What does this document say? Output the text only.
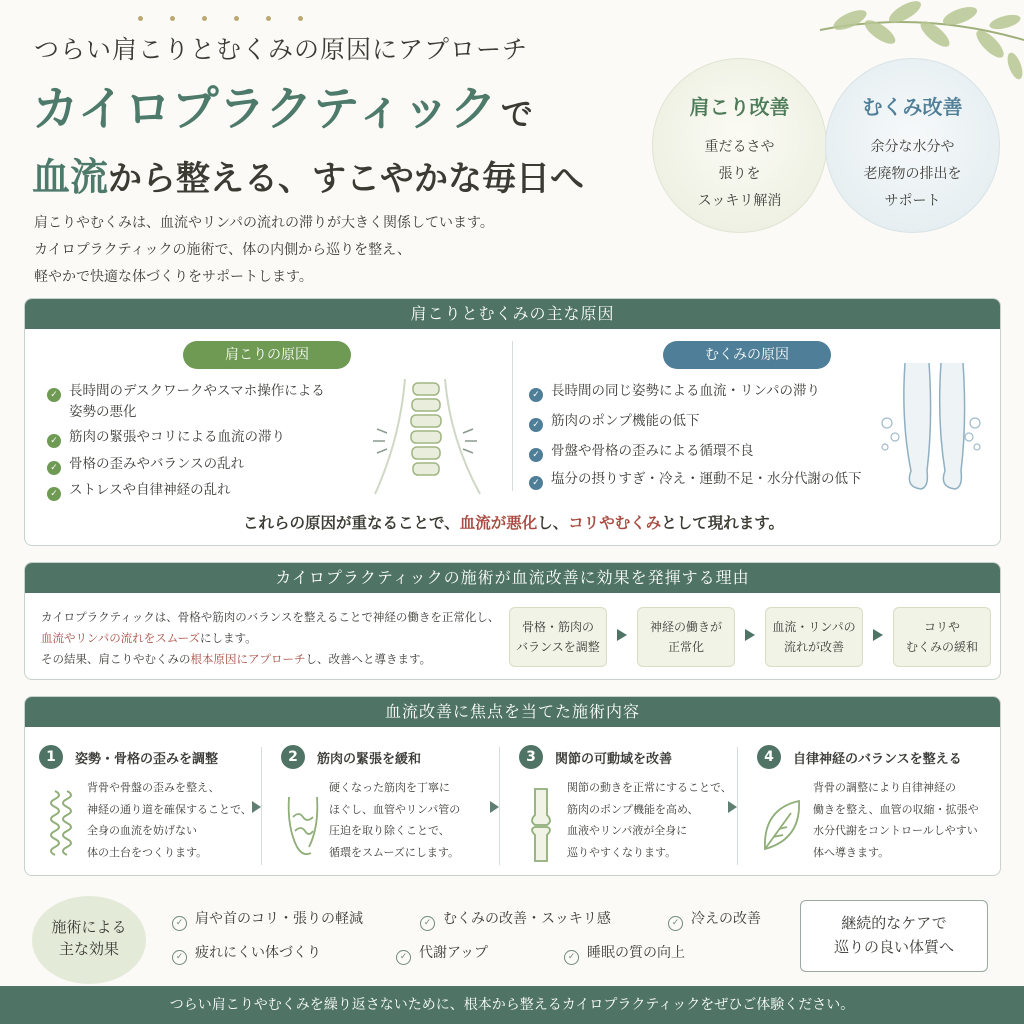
つらい肩こりとむくみの原因にアプローチ
カイロプラクティック で
血流から整える、すこやかな毎日へ
肩こりやむくみは、血流やリンパの流れの滞りが大きく関係しています。
カイロプラクティックの施術で、体の内側から巡りを整え、
軽やかで快適な体づくりをサポートします。
肩こり改善
重だるさや
張りを
スッキリ解消
むくみ改善
余分な水分や
老廃物の排出を
サポート
肩こりとむくみの主な原因
肩こりの原因	むくみの原因
✓ 長時間のデスクワークやスマホ操作による
姿勢の悪化
✓ 筋肉の緊張やコリによる血流の滞り
✓ 骨格の歪みやバランスの乱れ
✓ ストレスや自律神経の乱れ
✓ 長時間の同じ姿勢による血流・リンパの滞り
✓ 筋肉のポンプ機能の低下
✓ 骨盤や骨格の歪みによる循環不良
✓ 塩分の摂りすぎ・冷え・運動不足・水分代謝の低下
これらの原因が重なることで、血流が悪化し、コリやむくみとして現れます。
カイロプラクティックの施術が血流改善に効果を発揮する理由
カイロプラクティックは、骨格や筋肉のバランスを整えることで神経の働きを正常化し、
血流やリンパの流れをスムーズにします。
その結果、肩こりやむくみの根本原因にアプローチし、改善へと導きます。
骨格・筋肉の
バランスを調整
神経の働きが
正常化
血流・リンパの
流れが改善
コリや
むくみの緩和
血流改善に焦点を当てた施術内容
1	姿勢・骨格の歪みを調整
背骨や骨盤の歪みを整え、
神経の通り道を確保することで、
全身の血流を妨げない
体の土台をつくります。
2	筋肉の緊張を緩和
硬くなった筋肉を丁寧に
ほぐし、血管やリンパ管の
圧迫を取り除くことで、
循環をスムーズにします。
3	関節の可動域を改善
関節の動きを正常にすることで、
筋肉のポンプ機能を高め、
血液やリンパ液が全身に
巡りやすくなります。
4	自律神経のバランスを整える
背骨の調整により自律神経の
働きを整え、血管の収縮・拡張や
水分代謝をコントロールしやすい
体へ導きます。
施術による
主な効果
✓ 肩や首のコリ・張りの軽減	✓ むくみの改善・スッキリ感	✓ 冷えの改善
✓ 疲れにくい体づくり	✓ 代謝アップ	✓ 睡眠の質の向上
継続的なケアで
巡りの良い体質へ
つらい肩こりやむくみを繰り返さないために、根本から整えるカイロプラクティックをぜひご体験ください。
